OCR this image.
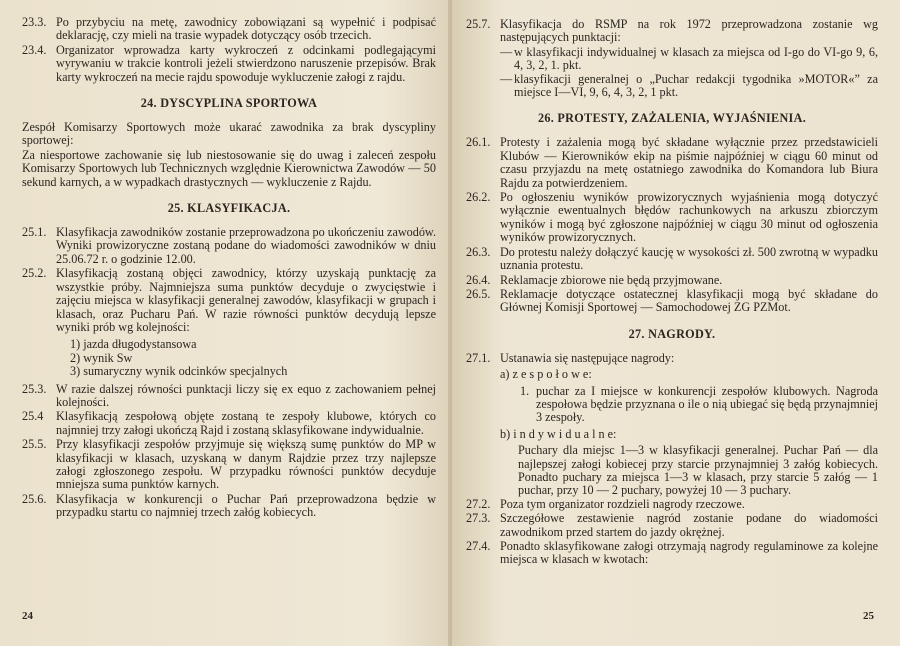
23.3. Po przybyciu na metę, zawodnicy zobowiązani są wypełnić i podpisać deklarację, czy mieli na trasie wypadek dotyczący osób trzecich.
23.4. Organizator wprowadza karty wykroczeń z odcinkami podlegającymi wyrywaniu w trakcie kontroli jeżeli stwierdzono naruszenie przepisów. Brak karty wykroczeń na mecie rajdu spowoduje wykluczenie załogi z rajdu.
24. DYSCYPLINA SPORTOWA
Zespół Komisarzy Sportowych może ukarać zawodnika za brak dyscypliny sportowej:
Za niesportowe zachowanie się lub niestosowanie się do uwag i zaleceń zespołu Komisarzy Sportowych lub Technicznych względnie Kierownictwa Zawodów — 50 sekund karnych, a w wypadkach drastycznych — wykluczenie z Rajdu.
25. KLASYFIKACJA.
25.1. Klasyfikacja zawodników zostanie przeprowadzona po ukończeniu zawodów. Wyniki prowizoryczne zostaną podane do wiadomości zawodników w dniu 25.06.72 r. o godzinie 12.00.
25.2. Klasyfikacją zostaną objęci zawodnicy, którzy uzyskają punktację za wszystkie próby. Najmniejsza suma punktów decyduje o zwycięstwie i zajęciu miejsca w klasyfikacji generalnej zawodów, klasyfikacji w grupach i klasach, oraz Pucharu Pań. W razie równości punktów decydują lepsze wyniki prób wg kolejności:
1) jazda długodystansowa
2) wynik Sw
3) sumaryczny wynik odcinków specjalnych
25.3. W razie dalszej równości punktacji liczy się ex equo z zachowaniem pełnej kolejności.
25.4	Klasyfikacją zespołową objęte zostaną te zespoły klubowe, których co najmniej trzy załogi ukończą Rajd i zostaną sklasyfikowane indywidualnie.
25.5. Przy klasyfikacji zespołów przyjmuje się większą sumę punktów do MP w klasyfikacji w klasach, uzyskaną w danym Rajdzie przez trzy najlepsze załogi zgłoszonego zespołu. W przypadku równości punktów decyduje mniejsza suma punktów karnych.
25.6. Klasyfikacja w konkurencji o Puchar Pań przeprowadzona będzie w przypadku startu co najmniej trzech załóg kobiecych.
24
25.7. Klasyfikacja do RSMP na rok 1972 przeprowadzona zostanie wg następujących punktacji:
— w klasyfikacji indywidualnej w klasach za miejsca od I-go do VI-go 9, 6, 4, 3, 2, 1. pkt.
— klasyfikacji generalnej o „Puchar redakcji tygodnika »MOTOR«” za miejsce I—VI, 9, 6, 4, 3, 2, 1 pkt.
26. PROTESTY, ZAŻALENIA, WYJAŚNIENIA.
26.1. Protesty i zażalenia mogą być składane wyłącznie przez przedstawicieli Klubów — Kierowników ekip na piśmie najpóźniej w ciągu 60 minut od czasu przyjazdu na metę ostatniego zawodnika do Komandora lub Biura Rajdu za potwierdzeniem.
26.2. Po ogłoszeniu wyników prowizorycznych wyjaśnienia mogą dotyczyć wyłącznie ewentualnych błędów rachunkowych na arkuszu zbiorczym wyników i mogą być zgłoszone najpóźniej w ciągu 30 minut od ogłoszenia wyników prowizorycznych.
26.3. Do protestu należy dołączyć kaucję w wysokości zł. 500 zwrotną w wypadku uznania protestu.
26.4. Reklamacje zbiorowe nie będą przyjmowane.
26.5. Reklamacje dotyczące ostatecznej klasyfikacji mogą być składane do Głównej Komisji Sportowej — Samochodowej ZG PZMot.
27. NAGRODY.
27.1. Ustanawia się następujące nagrody:
a) z e s p o ł o w e:
1. puchar za I miejsce w konkurencji zespołów klubowych. Nagroda zespołowa będzie przyznana o ile o nią ubiegać się będą przynajmniej 3 zespoły.
b) i n d y w i d u a l n e:
Puchary dla miejsc 1—3 w klasyfikacji generalnej. Puchar Pań — dla najlepszej załogi kobiecej przy starcie przynajmniej 3 załóg kobiecych. Ponadto puchary za miejsca 1—3 w klasach, przy starcie 5 załóg — 1 puchar, przy 10 — 2 puchary, powyżej 10 — 3 puchary.
27.2. Poza tym organizator rozdzieli nagrody rzeczowe.
27.3. Szczegółowe zestawienie nagród zostanie podane do wiadomości zawodnikom przed startem do jazdy okrężnej.
27.4. Ponadto sklasyfikowane załogi otrzymają nagrody regulaminowe za kolejne miejsca w klasach w kwotach:
25
